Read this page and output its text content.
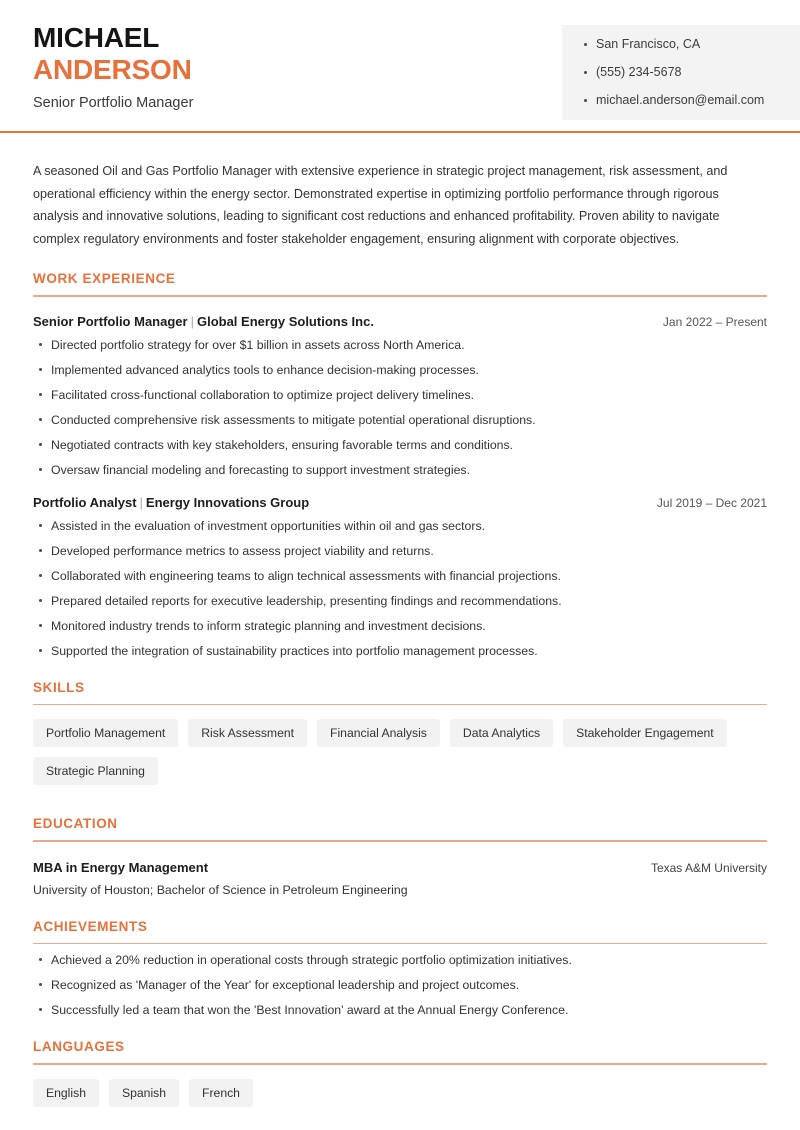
MICHAEL
ANDERSON
Senior Portfolio Manager
San Francisco, CA
(555) 234-5678
michael.anderson@email.com
A seasoned Oil and Gas Portfolio Manager with extensive experience in strategic project management, risk assessment, and operational efficiency within the energy sector. Demonstrated expertise in optimizing portfolio performance through rigorous analysis and innovative solutions, leading to significant cost reductions and enhanced profitability. Proven ability to navigate complex regulatory environments and foster stakeholder engagement, ensuring alignment with corporate objectives.
WORK EXPERIENCE
Senior Portfolio Manager | Global Energy Solutions Inc.	Jan 2022 – Present
Directed portfolio strategy for over $1 billion in assets across North America.
Implemented advanced analytics tools to enhance decision-making processes.
Facilitated cross-functional collaboration to optimize project delivery timelines.
Conducted comprehensive risk assessments to mitigate potential operational disruptions.
Negotiated contracts with key stakeholders, ensuring favorable terms and conditions.
Oversaw financial modeling and forecasting to support investment strategies.
Portfolio Analyst | Energy Innovations Group	Jul 2019 – Dec 2021
Assisted in the evaluation of investment opportunities within oil and gas sectors.
Developed performance metrics to assess project viability and returns.
Collaborated with engineering teams to align technical assessments with financial projections.
Prepared detailed reports for executive leadership, presenting findings and recommendations.
Monitored industry trends to inform strategic planning and investment decisions.
Supported the integration of sustainability practices into portfolio management processes.
SKILLS
Portfolio Management	Risk Assessment	Financial Analysis	Data Analytics	Stakeholder Engagement
Strategic Planning
EDUCATION
MBA in Energy Management	Texas A&M University
University of Houston; Bachelor of Science in Petroleum Engineering
ACHIEVEMENTS
Achieved a 20% reduction in operational costs through strategic portfolio optimization initiatives.
Recognized as 'Manager of the Year' for exceptional leadership and project outcomes.
Successfully led a team that won the 'Best Innovation' award at the Annual Energy Conference.
LANGUAGES
English	Spanish	French
